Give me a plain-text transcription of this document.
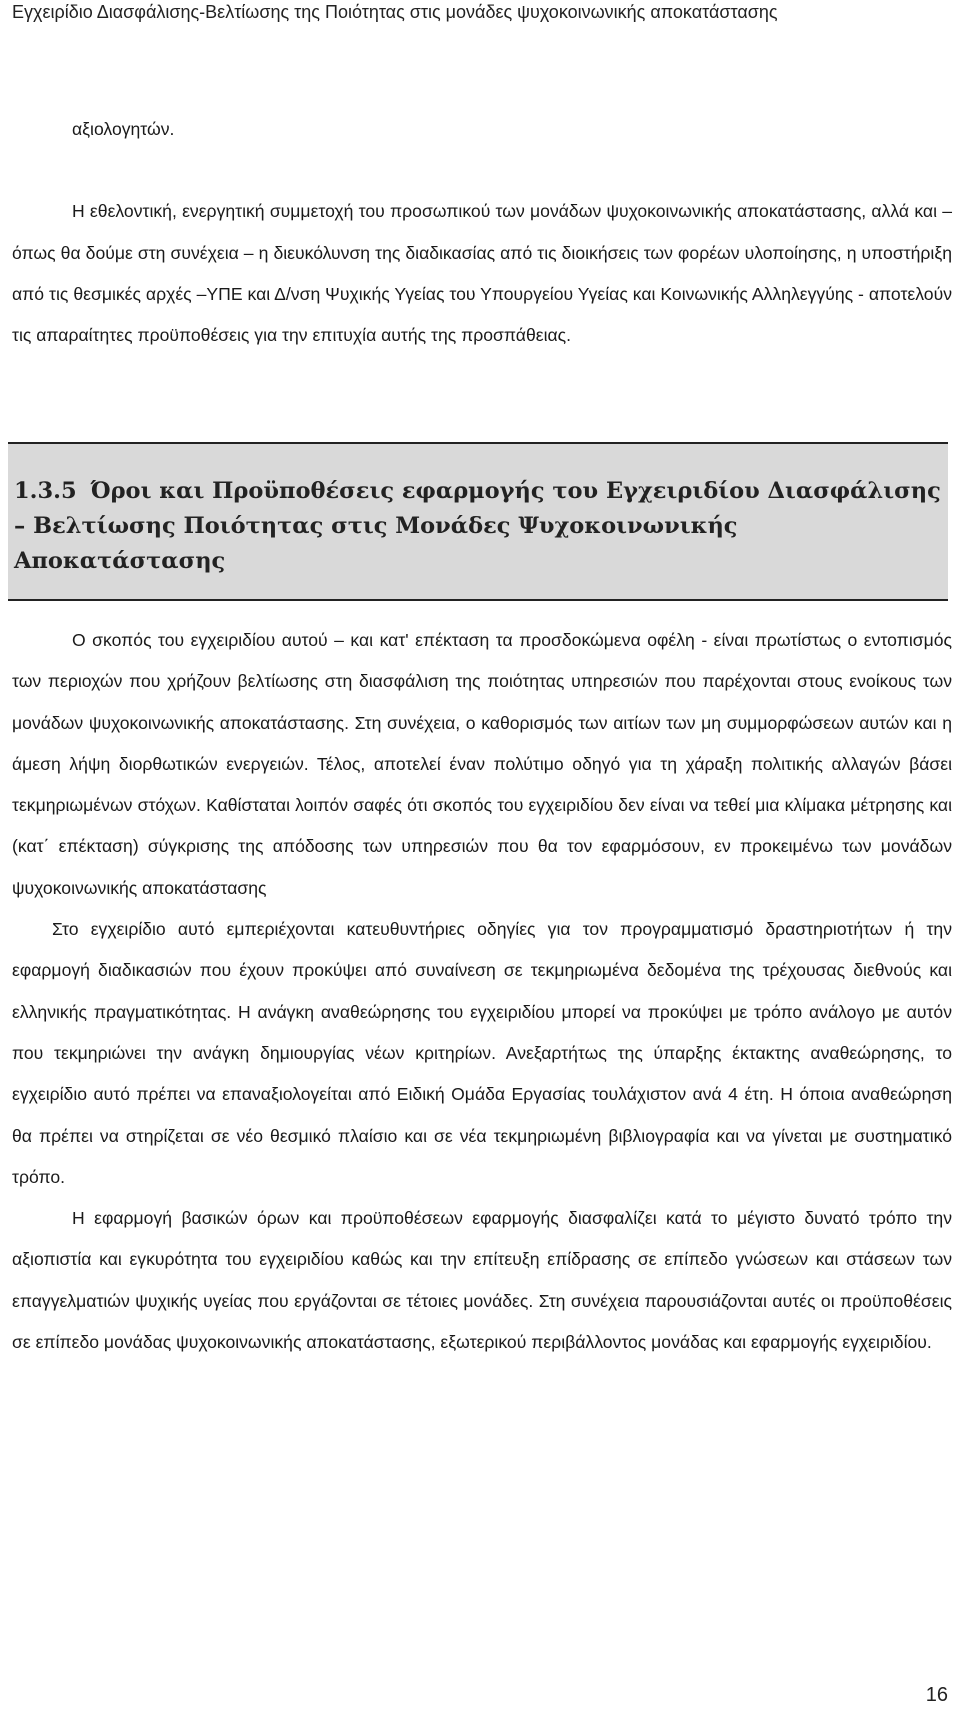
Εγχειρίδιο Διασφάλισης-Βελτίωσης της Ποιότητας στις μονάδες ψυχοκοινωνικής αποκατάστασης

αξιολογητών.

Η εθελοντική, ενεργητική συμμετοχή του προσωπικού των μονάδων ψυχοκοινωνικής αποκατάστασης, αλλά και – όπως θα δούμε στη συνέχεια – η διευκόλυνση της διαδικασίας από τις διοικήσεις των φορέων υλοποίησης, η υποστήριξη από τις θεσμικές αρχές –ΥΠΕ και Δ/νση Ψυχικής Υγείας του Υπουργείου Υγείας και Κοινωνικής Αλληλεγγύης - αποτελούν τις απαραίτητες προϋποθέσεις για την επιτυχία αυτής της προσπάθειας.

1.3.5 Όροι και Προϋποθέσεις εφαρμογής του Εγχειριδίου Διασφάλισης – Βελτίωσης Ποιότητας στις Μονάδες Ψυχοκοινωνικής Αποκατάστασης

Ο σκοπός του εγχειριδίου αυτού – και κατ' επέκταση τα προσδοκώμενα οφέλη - είναι πρωτίστως ο εντοπισμός των περιοχών που χρήζουν βελτίωσης στη διασφάλιση της ποιότητας υπηρεσιών που παρέχονται στους ενοίκους των μονάδων ψυχοκοινωνικής αποκατάστασης. Στη συνέχεια, ο καθορισμός των αιτίων των μη συμμορφώσεων αυτών και η άμεση λήψη διορθωτικών ενεργειών. Τέλος, αποτελεί έναν πολύτιμο οδηγό για τη χάραξη πολιτικής αλλαγών βάσει τεκμηριωμένων στόχων. Καθίσταται λοιπόν σαφές ότι σκοπός του εγχειριδίου δεν είναι να τεθεί μια κλίμακα μέτρησης και (κατ΄ επέκταση) σύγκρισης της απόδοσης των υπηρεσιών που θα τον εφαρμόσουν, εν προκειμένω των μονάδων ψυχοκοινωνικής αποκατάστασης

Στο εγχειρίδιο αυτό εμπεριέχονται κατευθυντήριες οδηγίες για τον προγραμματισμό δραστηριοτήτων ή την εφαρμογή διαδικασιών που έχουν προκύψει από συναίνεση σε τεκμηριωμένα δεδομένα της τρέχουσας διεθνούς και ελληνικής πραγματικότητας. Η ανάγκη αναθεώρησης του εγχειριδίου μπορεί να προκύψει με τρόπο ανάλογο με αυτόν που τεκμηριώνει την ανάγκη δημιουργίας νέων κριτηρίων. Ανεξαρτήτως της ύπαρξης έκτακτης αναθεώρησης, το εγχειρίδιο αυτό πρέπει να επαναξιολογείται από Ειδική Ομάδα Εργασίας τουλάχιστον ανά 4 έτη. Η όποια αναθεώρηση θα πρέπει να στηρίζεται σε νέο θεσμικό πλαίσιο και σε νέα τεκμηριωμένη βιβλιογραφία και να γίνεται με συστηματικό τρόπο.

Η εφαρμογή βασικών όρων και προϋποθέσεων εφαρμογής διασφαλίζει κατά το μέγιστο δυνατό τρόπο την αξιοπιστία και εγκυρότητα του εγχειριδίου καθώς και την επίτευξη επίδρασης σε επίπεδο γνώσεων και στάσεων των επαγγελματιών ψυχικής υγείας που εργάζονται σε τέτοιες μονάδες. Στη συνέχεια παρουσιάζονται αυτές οι προϋποθέσεις σε επίπεδο μονάδας ψυχοκοινωνικής αποκατάστασης, εξωτερικού περιβάλλοντος μονάδας και εφαρμογής εγχειριδίου.

16
